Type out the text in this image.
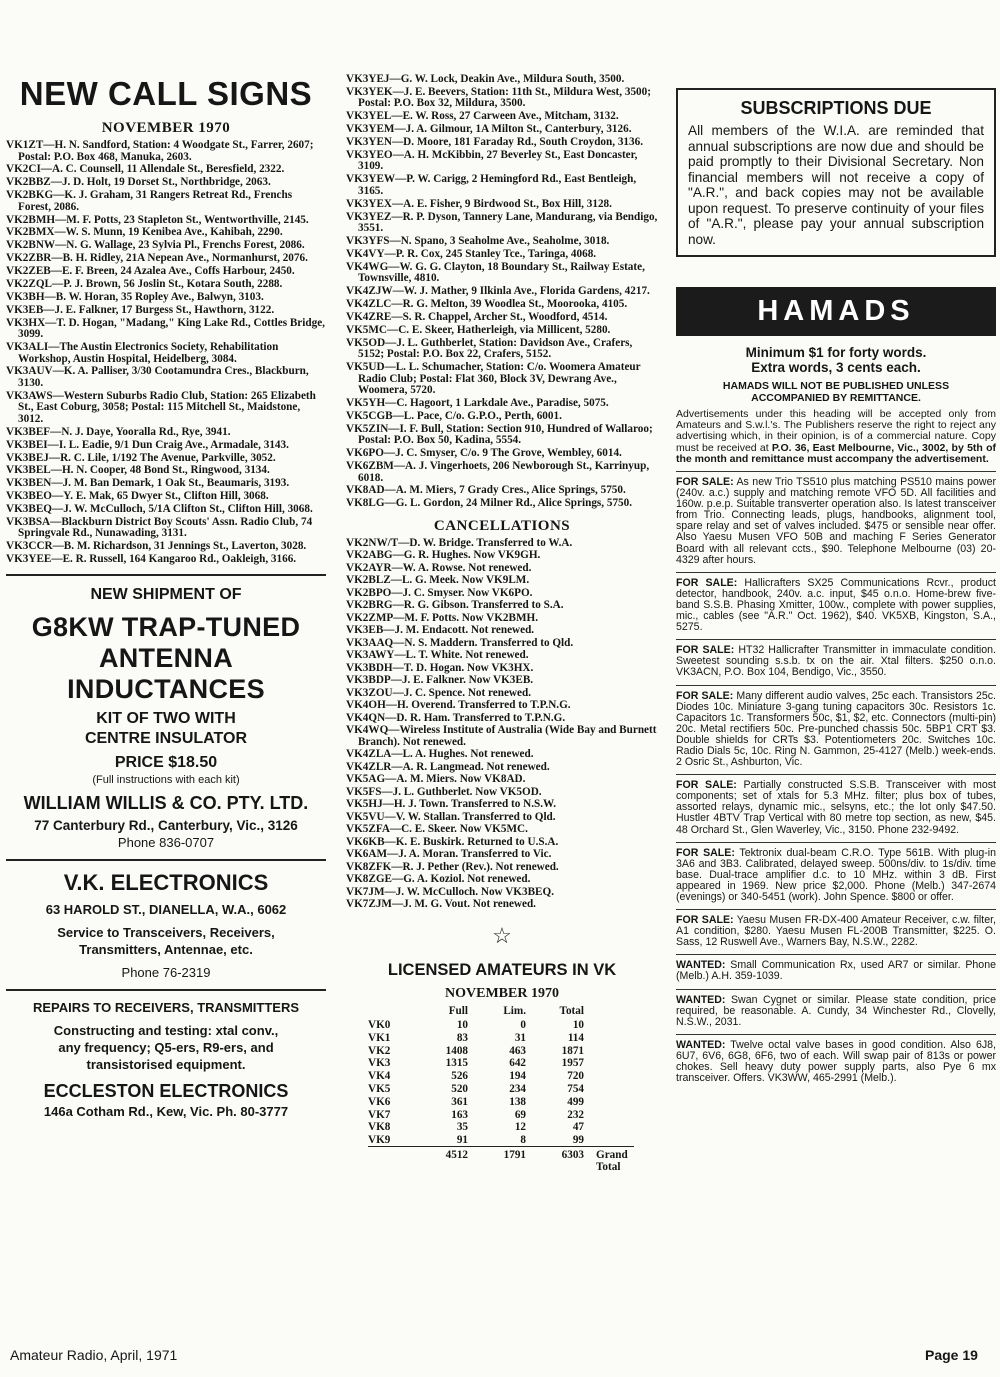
NEW CALL SIGNS
NOVEMBER 1970
VK1ZT—H. N. Sandford, Station: 4 Woodgate St., Farrer, 2607; Postal: P.O. Box 468, Manuka, 2603.
VK2CI—A. C. Counsell, 11 Allendale St., Beresfield, 2322.
VK2BBZ—J. D. Holt, 19 Dorset St., Northbridge, 2063.
VK2BKG—K. J. Graham, 31 Rangers Retreat Rd., Frenchs Forest, 2086.
VK2BMH—M. F. Potts, 23 Stapleton St., Wentworthville, 2145.
VK2BMX—W. S. Munn, 19 Kenibea Ave., Kahibah, 2290.
VK2BNW—N. G. Wallage, 23 Sylvia Pl., Frenchs Forest, 2086.
VK2ZBR—B. H. Ridley, 21A Nepean Ave., Normanhurst, 2076.
VK2ZEB—E. F. Breen, 24 Azalea Ave., Coffs Harbour, 2450.
VK2ZQL—P. J. Brown, 56 Joslin St., Kotara South, 2288.
VK3BH—B. W. Horan, 35 Ropley Ave., Balwyn, 3103.
VK3EB—J. E. Falkner, 17 Burgess St., Hawthorn, 3122.
VK3HX—T. D. Hogan, "Madang," King Lake Rd., Cottles Bridge, 3099.
VK3ALI—The Austin Electronics Society, Rehabilitation Workshop, Austin Hospital, Heidelberg, 3084.
VK3AUV—K. A. Palliser, 3/30 Cootamundra Cres., Blackburn, 3130.
VK3AWS—Western Suburbs Radio Club, Station: 265 Elizabeth St., East Coburg, 3058; Postal: 115 Mitchell St., Maidstone, 3012.
VK3BEF—N. J. Daye, Yooralla Rd., Rye, 3941.
VK3BEI—I. L. Eadie, 9/1 Dun Craig Ave., Armadale, 3143.
VK3BEJ—R. C. Lile, 1/192 The Avenue, Parkville, 3052.
VK3BEL—H. N. Cooper, 48 Bond St., Ringwood, 3134.
VK3BEN—J. M. Ban Demark, 1 Oak St., Beaumaris, 3193.
VK3BEO—Y. E. Mak, 65 Dwyer St., Clifton Hill, 3068.
VK3BEQ—J. W. McCulloch, 5/1A Clifton St., Clifton Hill, 3068.
VK3BSA—Blackburn District Boy Scouts' Assn. Radio Club, 74 Springvale Rd., Nunawading, 3131.
VK3CCR—B. M. Richardson, 31 Jennings St., Laverton, 3028.
VK3YEE—E. R. Russell, 164 Kangaroo Rd., Oakleigh, 3166.
NEW SHIPMENT OF
G8KW TRAP-TUNED
ANTENNA INDUCTANCES
KIT OF TWO WITH
CENTRE INSULATOR
PRICE $18.50
(Full instructions with each kit)
WILLIAM WILLIS & CO. PTY. LTD.
77 Canterbury Rd., Canterbury, Vic., 3126
Phone 836-0707
V.K. ELECTRONICS
63 HAROLD ST., DIANELLA, W.A., 6062
Service to Transceivers, Receivers,
Transmitters, Antennae, etc.
Phone 76-2319
REPAIRS TO RECEIVERS, TRANSMITTERS
Constructing and testing: xtal conv.,
any frequency; Q5-ers, R9-ers, and
transistorised equipment.
ECCLESTON ELECTRONICS
146a Cotham Rd., Kew, Vic. Ph. 80-3777
VK3YEJ—G. W. Lock, Deakin Ave., Mildura South, 3500.
VK3YEK—J. E. Beevers, Station: 11th St., Mildura West, 3500; Postal: P.O. Box 32, Mildura, 3500.
VK3YEL—E. W. Ross, 27 Carween Ave., Mitcham, 3132.
VK3YEM—J. A. Gilmour, 1A Milton St., Canterbury, 3126.
VK3YEN—D. Moore, 181 Faraday Rd., South Croydon, 3136.
VK3YEO—A. H. McKibbin, 27 Beverley St., East Doncaster, 3109.
VK3YEW—P. W. Carigg, 2 Hemingford Rd., East Bentleigh, 3165.
VK3YEX—A. E. Fisher, 9 Birdwood St., Box Hill, 3128.
VK3YEZ—R. P. Dyson, Tannery Lane, Mandurang, via Bendigo, 3551.
VK3YFS—N. Spano, 3 Seaholme Ave., Seaholme, 3018.
VK4VY—P. R. Cox, 245 Stanley Tce., Taringa, 4068.
VK4WG—W. G. G. Clayton, 18 Boundary St., Railway Estate, Townsville, 4810.
VK4ZJW—W. J. Mather, 9 Ilkinla Ave., Florida Gardens, 4217.
VK4ZLC—R. G. Melton, 39 Woodlea St., Moorooka, 4105.
VK4ZRE—S. R. Chappel, Archer St., Woodford, 4514.
VK5MC—C. E. Skeer, Hatherleigh, via Millicent, 5280.
VK5OD—J. L. Guthberlet, Station: Davidson Ave., Crafers, 5152; Postal: P.O. Box 22, Crafers, 5152.
VK5UD—L. L. Schumacher, Station: C/o. Woomera Amateur Radio Club; Postal: Flat 360, Block 3V, Dewrang Ave., Woomera, 5720.
VK5YH—C. Hagoort, 1 Larkdale Ave., Paradise, 5075.
VK5CGB—L. Pace, C/o. G.P.O., Perth, 6001.
VK5ZIN—I. F. Bull, Station: Section 910, Hundred of Wallaroo; Postal: P.O. Box 50, Kadina, 5554.
VK6PO—J. C. Smyser, C/o. 9 The Grove, Wembley, 6014.
VK6ZBM—A. J. Vingerhoets, 206 Newborough St., Karrinyup, 6018.
VK8AD—A. M. Miers, 7 Grady Cres., Alice Springs, 5750.
VK8LG—G. L. Gordon, 24 Milner Rd., Alice Springs, 5750.
CANCELLATIONS
VK2NW/T—D. W. Bridge. Transferred to W.A.
VK2ABG—G. R. Hughes. Now VK9GH.
VK2AYR—W. A. Rowse. Not renewed.
VK2BLZ—L. G. Meek. Now VK9LM.
VK2BPO—J. C. Smyser. Now VK6PO.
VK2BRG—R. G. Gibson. Transferred to S.A.
VK2ZMP—M. F. Potts. Now VK2BMH.
VK3EB—J. M. Endacott. Not renewed.
VK3AAQ—N. S. Maddern. Transferred to Qld.
VK3AWY—L. T. White. Not renewed.
VK3BDH—T. D. Hogan. Now VK3HX.
VK3BDP—J. E. Falkner. Now VK3EB.
VK3ZOU—J. C. Spence. Not renewed.
VK4OH—H. Overend. Transferred to T.P.N.G.
VK4QN—D. R. Ham. Transferred to T.P.N.G.
VK4WQ—Wireless Institute of Australia (Wide Bay and Burnett Branch). Not renewed.
VK4ZLA—L. A. Hughes. Not renewed.
VK4ZLR—A. R. Langmead. Not renewed.
VK5AG—A. M. Miers. Now VK8AD.
VK5FS—J. L. Guthberlet. Now VK5OD.
VK5HJ—H. J. Town. Transferred to N.S.W.
VK5VU—V. W. Stallan. Transferred to Qld.
VK5ZFA—C. E. Skeer. Now VK5MC.
VK6KB—K. E. Buskirk. Returned to U.S.A.
VK6AM—J. A. Moran. Transferred to Vic.
VK8ZFK—R. J. Pether (Rev.). Not renewed.
VK8ZGE—G. A. Koziol. Not renewed.
VK7JM—J. W. McCulloch. Now VK3BEQ.
VK7ZJM—J. M. G. Vout. Not renewed.
☆
LICENSED AMATEURS IN VK
NOVEMBER 1970
	Full	Lim.	Total	
VK0	10	0	10	
VK1	83	31	114	
VK2	1408	463	1871	
VK3	1315	642	1957	
VK4	526	194	720	
VK5	520	234	754	
VK6	361	138	499	
VK7	163	69	232	
VK8	35	12	47	
VK9	91	8	99	
	4512	1791	6303	Grand
				Total
SUBSCRIPTIONS DUE
All members of the W.I.A. are reminded that annual subscriptions are now due and should be paid promptly to their Divisional Secretary. Non financial members will not receive a copy of "A.R.", and back copies may not be available upon request. To preserve continuity of your files of "A.R.", please pay your annual subscription now.
HAMADS
Minimum $1 for forty words.
Extra words, 3 cents each.
HAMADS WILL NOT BE PUBLISHED UNLESS
ACCOMPANIED BY REMITTANCE.
Advertisements under this heading will be accepted only from Amateurs and S.w.l.'s. The Publishers reserve the right to reject any advertising which, in their opinion, is of a commercial nature. Copy must be received at P.O. 36, East Melbourne, Vic., 3002, by 5th of the month and remittance must accompany the advertisement.
FOR SALE: As new Trio TS510 plus matching PS510 mains power (240v. a.c.) supply and matching remote VFO 5D. All facilities and 160w. p.e.p. Suitable transverter operation also. Is latest transceiver from Trio. Connecting leads, plugs, handbooks, alignment tool, spare relay and set of valves included. $475 or sensible near offer. Also Yaesu Musen VFO 50B and maching F Series Generator Board with all relevant ccts., $90. Telephone Melbourne (03) 20-4329 after hours.
FOR SALE: Hallicrafters SX25 Communications Rcvr., product detector, handbook, 240v. a.c. input, $45 o.n.o. Home-brew five-band S.S.B. Phasing Xmitter, 100w., complete with power supplies, mic., cables (see "A.R." Oct. 1962), $40. VK5XB, Kingston, S.A., 5275.
FOR SALE: HT32 Hallicrafter Transmitter in immaculate condition. Sweetest sounding s.s.b. tx on the air. Xtal filters. $250 o.n.o. VK3ACN, P.O. Box 104, Bendigo, Vic., 3550.
FOR SALE: Many different audio valves, 25c each. Transistors 25c. Diodes 10c. Miniature 3-gang tuning capacitors 30c. Resistors 1c. Capacitors 1c. Transformers 50c, $1, $2, etc. Connectors (multi-pin) 20c. Metal rectifiers 50c. Pre-punched chassis 50c. 5BP1 CRT $3. Double shields for CRTs $3. Potentiometers 20c. Switches 10c. Radio Dials 5c, 10c. Ring N. Gammon, 25-4127 (Melb.) week-ends. 2 Osric St., Ashburton, Vic.
FOR SALE: Partially constructed S.S.B. Transceiver with most components; set of xtals for 5.3 MHz. filter; plus box of tubes, assorted relays, dynamic mic., selsyns, etc.; the lot only $47.50. Hustler 4BTV Trap Vertical with 80 metre top section, as new, $45. 48 Orchard St., Glen Waverley, Vic., 3150. Phone 232-9492.
FOR SALE: Tektronix dual-beam C.R.O. Type 561B. With plug-in 3A6 and 3B3. Calibrated, delayed sweep. 500ns/div. to 1s/div. time base. Dual-trace amplifier d.c. to 10 MHz. within 3 dB. First appeared in 1969. New price $2,000. Phone (Melb.) 347-2674 (evenings) or 340-5451 (work). John Spence. $800 or offer.
FOR SALE: Yaesu Musen FR-DX-400 Amateur Receiver, c.w. filter, A1 condition, $280. Yaesu Musen FL-200B Transmitter, $225. O. Sass, 12 Ruswell Ave., Warners Bay, N.S.W., 2282.
WANTED: Small Communication Rx, used AR7 or similar. Phone (Melb.) A.H. 359-1039.
WANTED: Swan Cygnet or similar. Please state condition, price required, be reasonable. A. Cundy, 34 Winchester Rd., Clovelly, N.S.W., 2031.
WANTED: Twelve octal valve bases in good condition. Also 6J8, 6U7, 6V6, 6G8, 6F6, two of each. Will swap pair of 813s or power chokes. Sell heavy duty power supply parts, also Pye 6 mx transceiver. Offers. VK3WW, 465-2991 (Melb.).
Amateur Radio, April, 1971	Page 19
